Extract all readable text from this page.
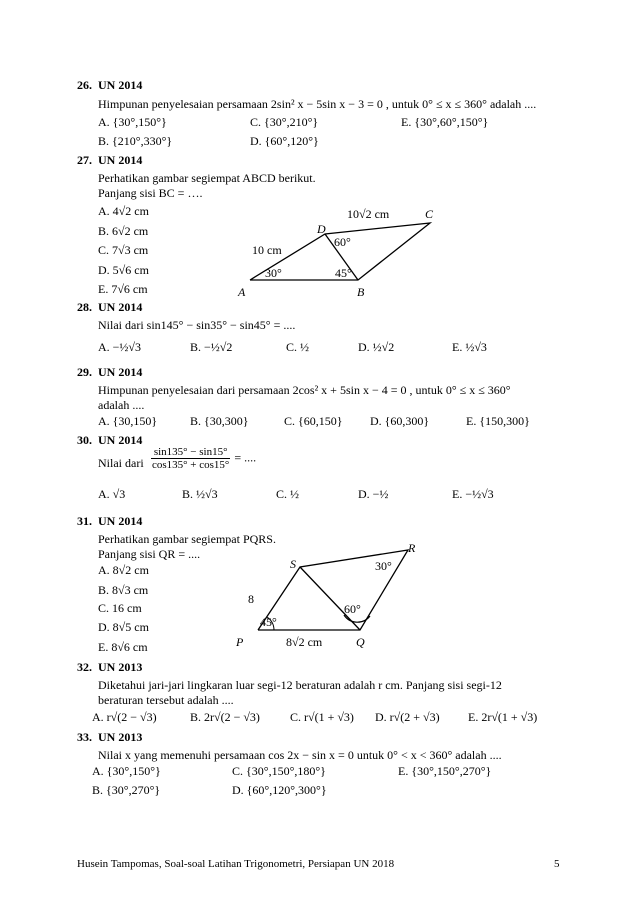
26. UN 2014
Himpunan penyelesaian persamaan 2sin² x − 5sin x − 3 = 0 , untuk 0° ≤ x ≤ 360° adalah ....
A. {30°,150°}	C. {30°,210°}	E. {30°,60°,150°}
B. {210°,330°}	D. {60°,120°}
27. UN 2014
Perhatikan gambar segiempat ABCD berikut.
Panjang sisi BC = ….
A. 4√2 cm
B. 6√2 cm
C. 7√3 cm
D. 5√6 cm
E. 7√6 cm	A	B
C
D
10 cm
10√2 cm
30°	45°
60°
28. UN 2014
Nilai dari sin145° − sin35° − sin45° = ....
A. −½√3	B. −½√2	C. ½	D. ½√2	E. ½√3
29. UN 2014
Himpunan penyelesaian dari persamaan 2cos² x + 5sin x − 4 = 0 , untuk 0° ≤ x ≤ 360°
adalah ....
A. {30,150}	B. {30,300}	C. {60,150} D. {60,300}	E. {150,300}
30. UN 2014
Nilai dari $\frac{\sin 135^\circ - \sin 15^\circ}{\cos 135^\circ + \cos 15^\circ}$ = ....
A. √3	B. ½√3	C. ½	D. −½	E. −½√3
31. UN 2014
Perhatikan gambar segiempat PQRS.
Panjang sisi QR = ....
A. 8√2 cm
B. 8√3 cm
C. 16 cm
D. 8√5 cm
E. 8√6 cm	P	Q
R
S
8
8√2 cm
45°
60°
30°
32. UN 2013
Diketahui jari-jari lingkaran luar segi-12 beraturan adalah r cm. Panjang sisi segi-12
beraturan tersebut adalah ....
A. r√(2 − √3)	B. 2r√(2 − √3)	C. r√(1 + √3) D. r√(2 + √3) E. 2r√(1 + √3)
33. UN 2013
Nilai x yang memenuhi persamaan cos 2x − sin x = 0 untuk 0° < x < 360° adalah ....
A. {30°,150°}	C. {30°,150°,180°}	E. {30°,150°,270°}
B. {30°,270°}	D. {60°,120°,300°}
Husein Tampomas, Soal-soal Latihan Trigonometri, Persiapan UN 2018	5
